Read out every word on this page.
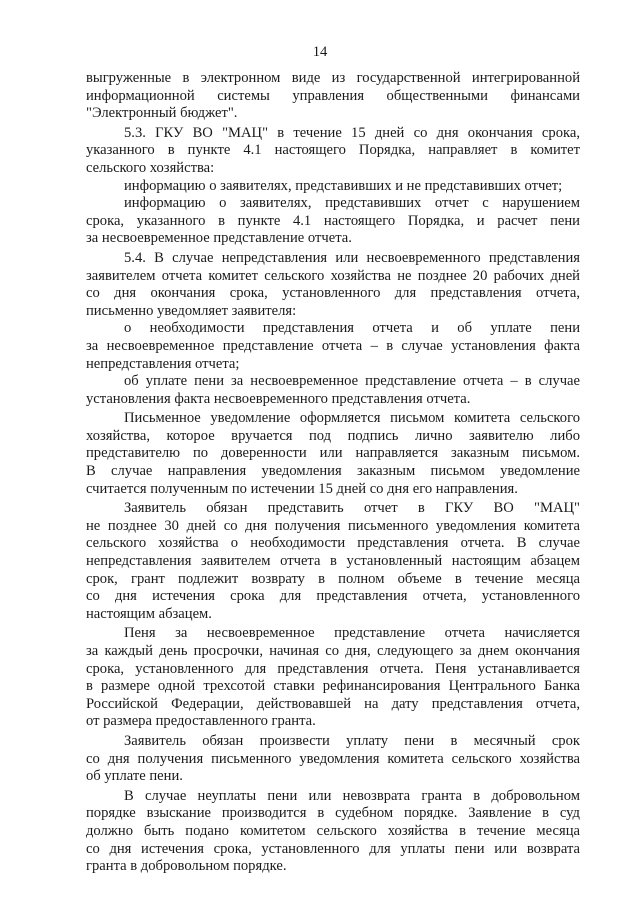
14
выгруженные в электронном виде из государственной интегрированной
информационной системы управления общественными финансами
"Электронный бюджет".
5.3. ГКУ ВО "МАЦ" в течение 15 дней со дня окончания срока,
указанного в пункте 4.1 настоящего Порядка, направляет в комитет
сельского хозяйства:
информацию о заявителях, представивших и не представивших отчет;
информацию о заявителях, представивших отчет с нарушением
срока, указанного в пункте 4.1 настоящего Порядка, и расчет пени
за несвоевременное представление отчета.
5.4. В случае непредставления или несвоевременного представления
заявителем отчета комитет сельского хозяйства не позднее 20 рабочих дней
со дня окончания срока, установленного для представления отчета,
письменно уведомляет заявителя:
о необходимости представления отчета и об уплате пени
за несвоевременное представление отчета – в случае установления факта
непредставления отчета;
об уплате пени за несвоевременное представление отчета – в случае
установления факта несвоевременного представления отчета.
Письменное уведомление оформляется письмом комитета сельского
хозяйства, которое вручается под подпись лично заявителю либо
представителю по доверенности или направляется заказным письмом.
В случае направления уведомления заказным письмом уведомление
считается полученным по истечении 15 дней со дня его направления.
Заявитель обязан представить отчет в ГКУ ВО "МАЦ"
не позднее 30 дней со дня получения письменного уведомления комитета
сельского хозяйства о необходимости представления отчета. В случае
непредставления заявителем отчета в установленный настоящим абзацем
срок, грант подлежит возврату в полном объеме в течение месяца
со дня истечения срока для представления отчета, установленного
настоящим абзацем.
Пеня за несвоевременное представление отчета начисляется
за каждый день просрочки, начиная со дня, следующего за днем окончания
срока, установленного для представления отчета. Пеня устанавливается
в размере одной трехсотой ставки рефинансирования Центрального Банка
Российской Федерации, действовавшей на дату представления отчета,
от размера предоставленного гранта.
Заявитель обязан произвести уплату пени в месячный срок
со дня получения письменного уведомления комитета сельского хозяйства
об уплате пени.
В случае неуплаты пени или невозврата гранта в добровольном
порядке взыскание производится в судебном порядке. Заявление в суд
должно быть подано комитетом сельского хозяйства в течение месяца
со дня истечения срока, установленного для уплаты пени или возврата
гранта в добровольном порядке.
